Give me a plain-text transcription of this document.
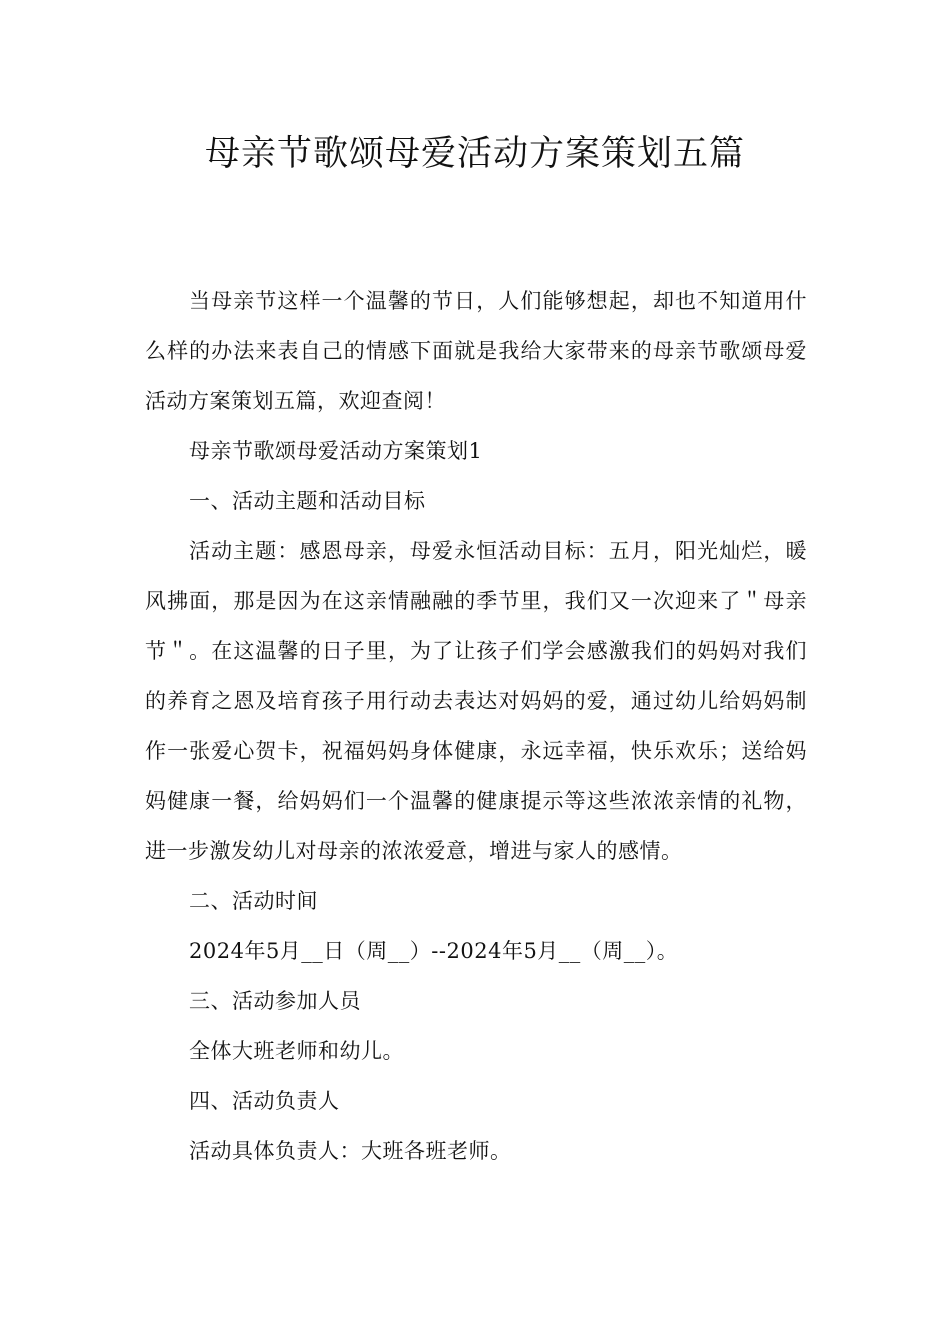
母亲节歌颂母爱活动方案策划五篇

当母亲节这样一个温馨的节日，人们能够想起，却也不知道用什么样的办法来表自己的情感下面就是我给大家带来的母亲节歌颂母爱活动方案策划五篇，欢迎查阅！

母亲节歌颂母爱活动方案策划1

一、活动主题和活动目标

活动主题：感恩母亲，母爱永恒活动目标：五月，阳光灿烂，暖风拂面，那是因为在这亲情融融的季节里，我们又一次迎来了＂母亲节＂。在这温馨的日子里，为了让孩子们学会感激我们的妈妈对我们的养育之恩及培育孩子用行动去表达对妈妈的爱，通过幼儿给妈妈制作一张爱心贺卡，祝福妈妈身体健康，永远幸福，快乐欢乐；送给妈妈健康一餐，给妈妈们一个温馨的健康提示等这些浓浓亲情的礼物，进一步激发幼儿对母亲的浓浓爱意，增进与家人的感情。

二、活动时间

2024年5月__日（周__）--2024年5月__（周__）。

三、活动参加人员

全体大班老师和幼儿。

四、活动负责人

活动具体负责人：大班各班老师。
